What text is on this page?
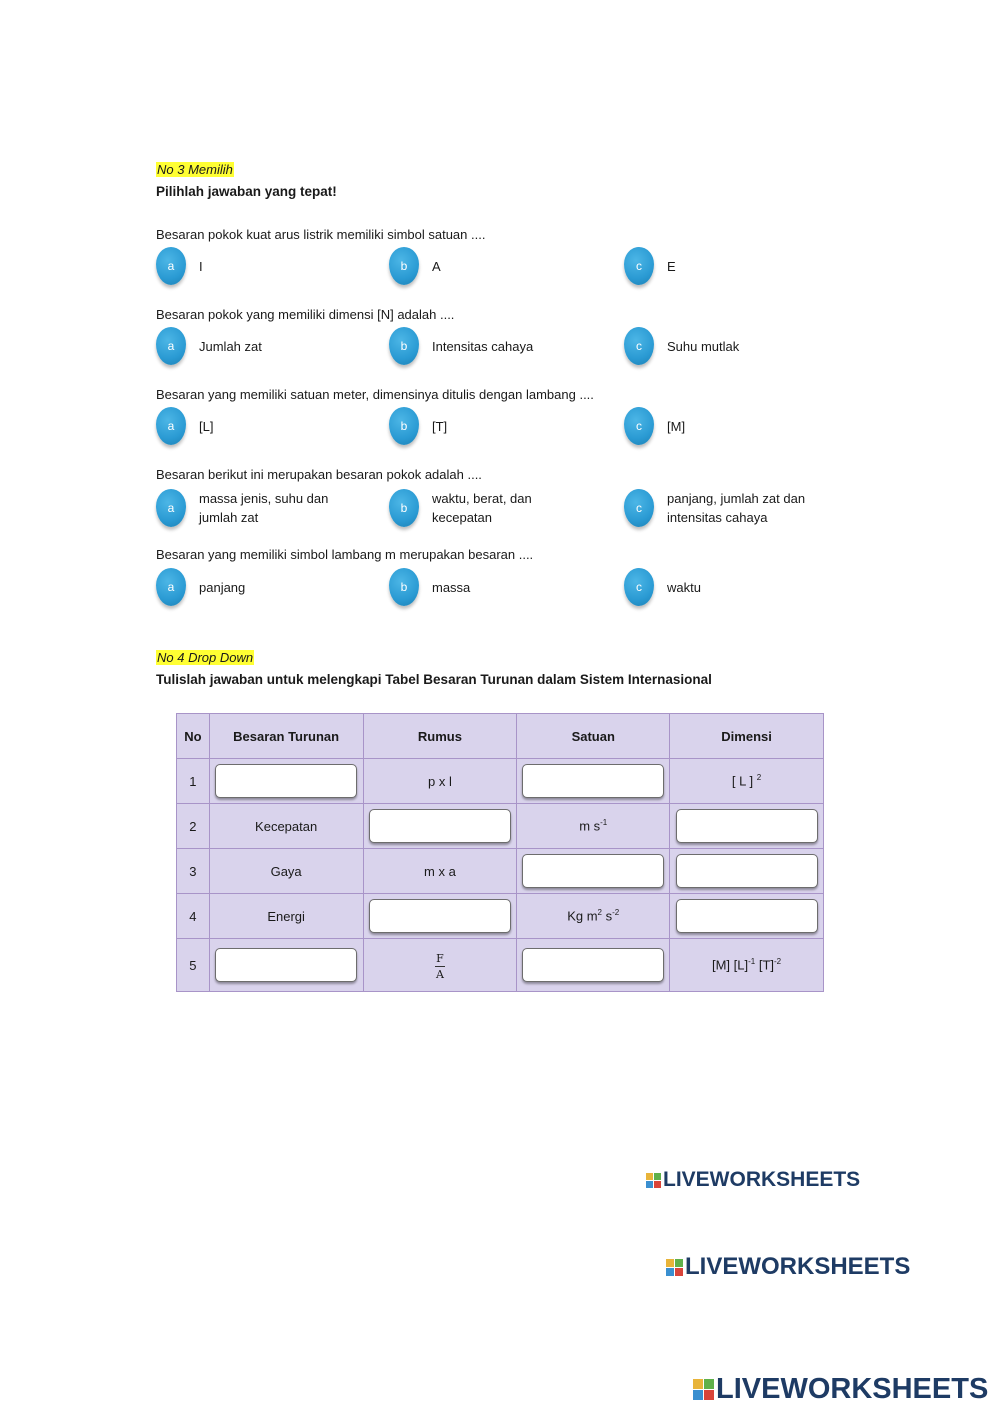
No 3 Memilih
Pilihlah jawaban yang tepat!
Besaran pokok kuat arus listrik memiliki simbol satuan ....
a	I	b	A	c	E
Besaran pokok yang memiliki dimensi [N] adalah ....
a	Jumlah zat	b	Intensitas cahaya	c	Suhu mutlak
Besaran yang memiliki satuan meter, dimensinya ditulis dengan lambang ....
a	[L]	b	[T]	c	[M]
Besaran berikut ini merupakan besaran pokok adalah ....
a
massa jenis, suhu dan
jumlah zat
b
waktu, berat, dan
kecepatan
c
panjang, jumlah zat dan
intensitas cahaya
Besaran yang memiliki simbol lambang m merupakan besaran ....
a	panjang	b	massa	c	waktu
No 4 Drop Down
Tulislah jawaban untuk melengkapi Tabel Besaran Turunan dalam Sistem Internasional
No	Besaran Turunan	Rumus	Satuan	Dimensi
1		p x l		[ L ] $^2$
2	Kecepatan		m $s^{-1}$	

3	Gaya	m x a	

4	Energi		Kg $m^2$ $s^{-2}$	

5		$\frac{F}{A}$		[M] $[L]^{-1}$ $[T]^{-2}$
LIVEWORKSHEETS
LIVEWORKSHEETS
LIVEWORKSHEETS
